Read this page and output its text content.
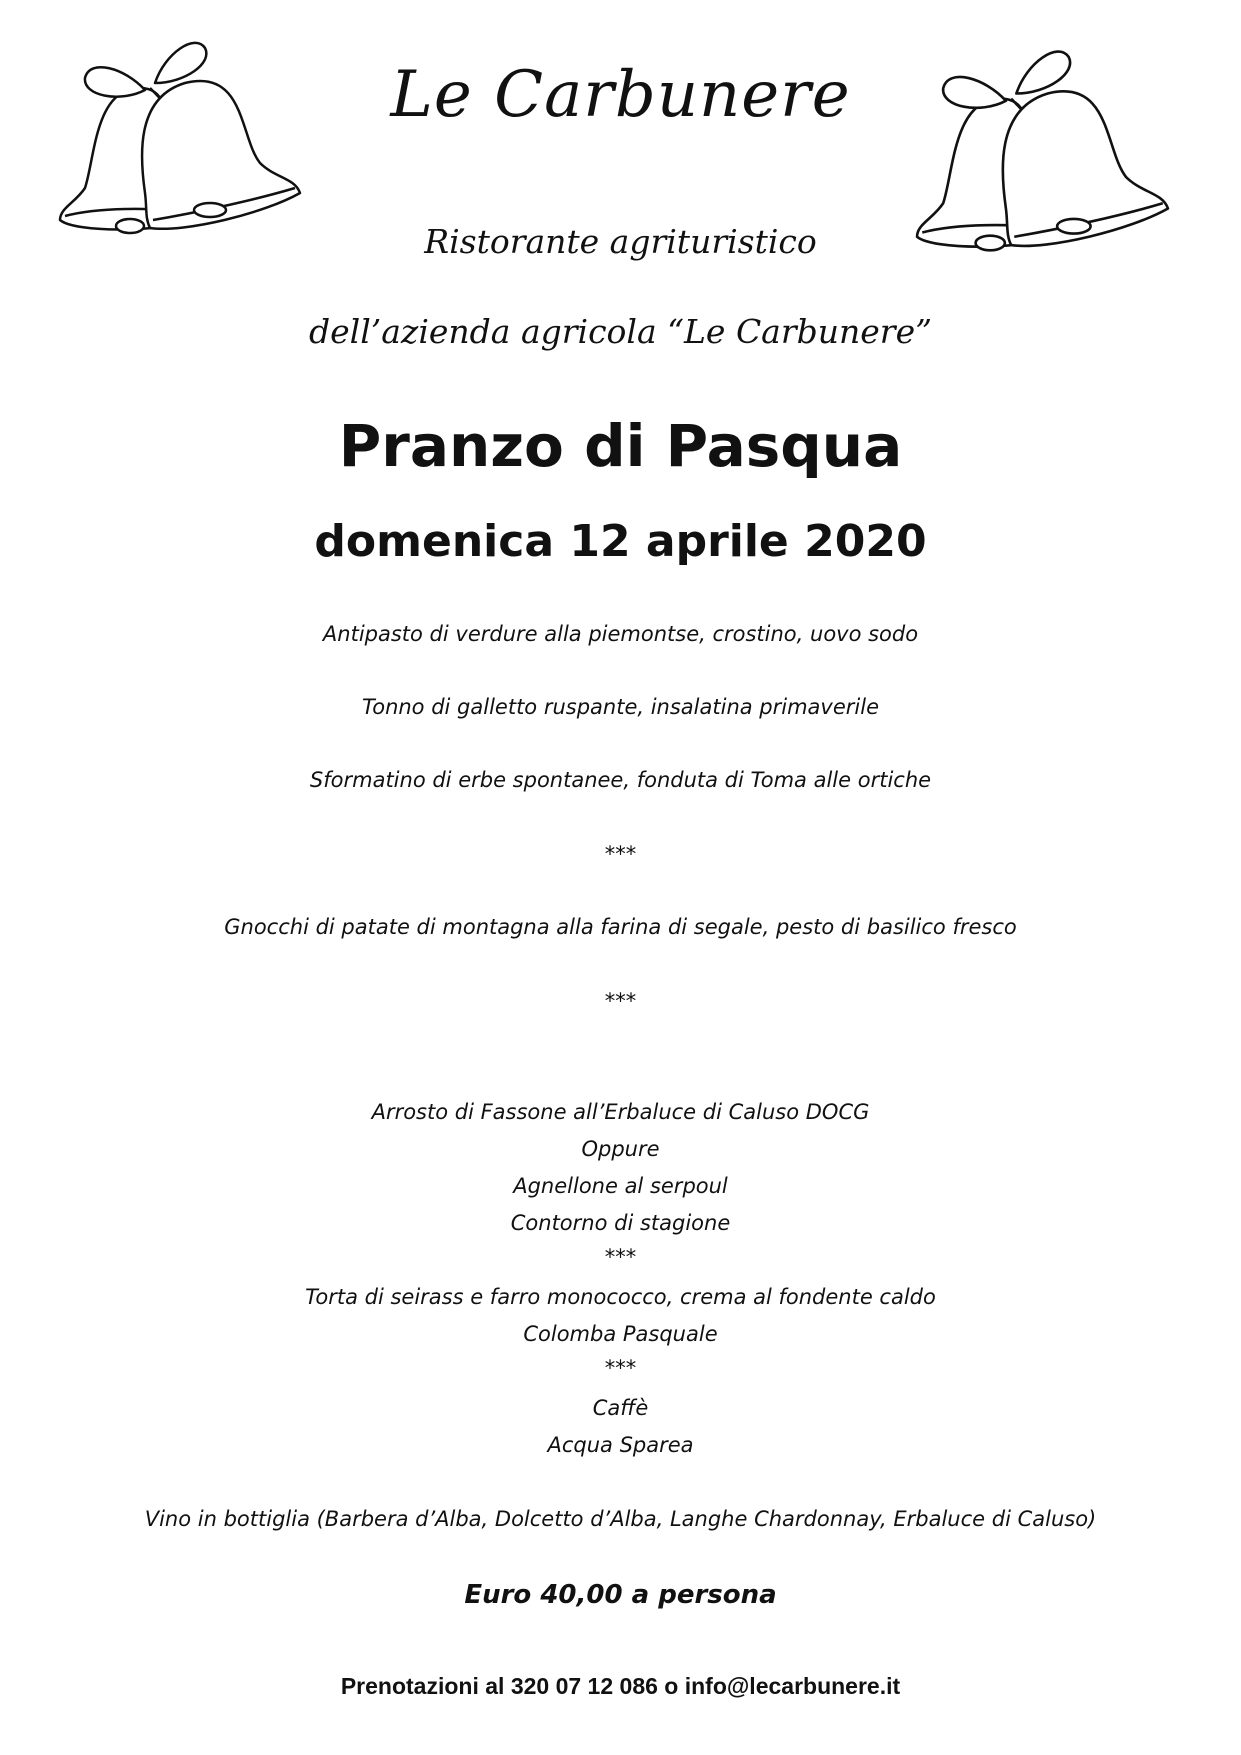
Le Carbunere
Ristorante agrituristico
dell’azienda agricola “Le Carbunere”
Pranzo di Pasqua
domenica 12 aprile 2020
Antipasto di verdure alla piemontse, crostino, uovo sodo
Tonno di galletto ruspante, insalatina primaverile
Sformatino di erbe spontanee, fonduta di Toma alle ortiche
***
Gnocchi di patate di montagna alla farina di segale, pesto di basilico fresco
***
Arrosto di Fassone all’Erbaluce di Caluso DOCG
Oppure
Agnellone al serpoul
Contorno di stagione
***
Torta di seirass e farro monococco, crema al fondente caldo
Colomba Pasquale
***
Caffè
Acqua Sparea
Vino in bottiglia (Barbera d’Alba, Dolcetto d’Alba, Langhe Chardonnay, Erbaluce di Caluso)
Euro 40,00 a persona
Prenotazioni al 320 07 12 086 o info@lecarbunere.it
